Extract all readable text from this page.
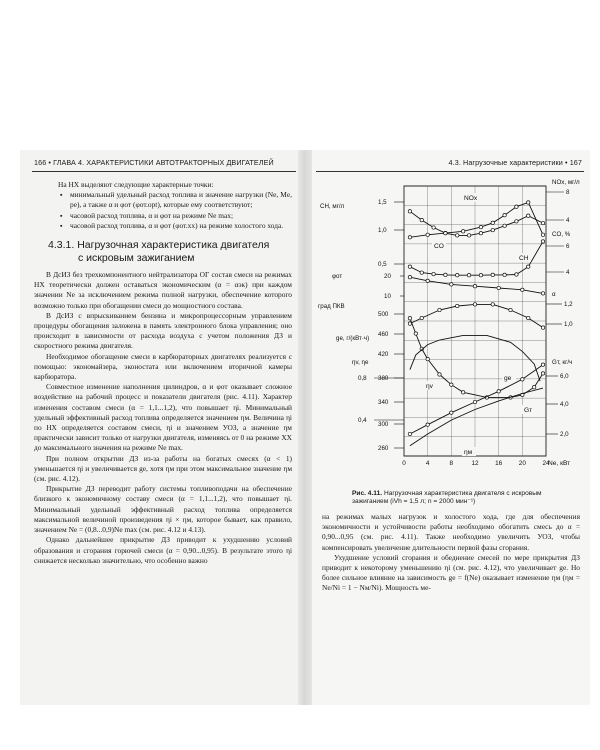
166 • ГЛАВА 4. ХАРАКТЕРИСТИКИ АВТОТРАКТОРНЫХ ДВИГАТЕЛЕЙ

На НХ выделяют следующие характерные точки:

▪ минимальный удельный расход топлива и значение нагрузки (Ne, Me, pe), а также α и φот (φот.opt), которые ему соответствуют;
▪ часовой расход топлива, α и φот на режиме Ne max;
▪ часовой расход топлива, α и φот (φот.хх) на режиме холостого хода.
4.3.1. Нагрузочная характеристика двигателя
с искровым зажиганием

В ДсИЗ без трехкомпонентного нейтрализатора ОГ состав смеси на режимах НХ теоретически должен оставаться экономическим (α = αэк) при каждом значении Ne за исключением режима полной нагрузки, обеспечение которого возможно только при обогащении смеси до мощностного состава.

В ДсИЗ с впрыскиванием бензина и микропроцессорным управлением процедуры обогащения заложена в память электронного блока управления; оно происходит в зависимости от расхода воздуха с учетом положения ДЗ и скоростного режима двигателя.

Необходимое обогащение смеси в карбюраторных двигателях реализуется с помощью: экономайзера, эконостата или включением вторичной камеры карбюратора.

Совместное изменение наполнения цилиндров, α и φот оказывает сложное воздействие на рабочий процесс и показатели двигателя (рис. 4.11). Характер изменения составом смеси (α = 1,1...1,2), что повышает ηi. Минимальный удельный эффективный расход топлива определяется значением ηм. Величина ηi по НХ определяется составом смеси, ηi и значением УОЗ, а значение ηм практически зависит только от нагрузки двигателя, изменяясь от 0 на режиме ХХ до максимального значения на режиме Ne max.

При полном открытии ДЗ из-за работы на богатых смесях (α < 1) уменьшается ηi и увеличивается ge, хотя ηм при этом максимальное значение ηм (см. рис. 4.12).

Прикрытие ДЗ переводит работу системы топливоподачи на обеспечение близкого к экономичному составу смеси (α = 1,1...1,2), что повышает ηi. Минимальный удельный эффективный расход топлива определяется максимальной величиной произведения ηi × ηм, которое бывает, как правило, значением Ne = (0,8...0,9)Ne max (см. рис. 4.12 и 4.13).

Однако дальнейшее прикрытие ДЗ приводит к ухудшению условий образования и сгорания горючей смеси (α = 0,90...0,95). В результате этого ηi снижается несколько значительно, что особенно важно

4.3. Нагрузочные характеристики • 167
0	4	8	12	16	20	24
Ne, кВт
NOx
CH
CO
ge
ηv
Gт
ηм
CH, мг/л
1,5
1,0
0,5
φот	20
10
град ПКВ
ge, г/(кВт·ч)
500
460
420
380
340
300
260
ηv, ηe
0,8
0,4
NOx, мг/л
8
4
CO, %
6
4
α
1,2
1,0
Gт, кг/ч
6,0
4,0
2,0
Рис. 4.11. Нагрузочная характеристика двигателя с искровым зажиганием (iVh = 1,5 л; n = 2000 мин⁻¹)

на режимах малых нагрузок и холостого хода, где для обеспечения экономичности и устойчивости работы необходимо обогатить смесь до α = 0,90...0,95 (см. рис. 4.11). Также необходимо увеличить УОЗ, чтобы компенсировать увеличение длительности первой фазы сгорания.

Ухудшение условий сгорания и обеднение смесей по мере прикрытия ДЗ приводит к некоторому уменьшению ηi (см. рис. 4.12), что увеличивает ge. Но более сильное влияние на зависимость ge = f(Ne) оказывает изменение ηм (ηм = Ne/Ni = 1 − Nм/Ni). Мощность ме-
